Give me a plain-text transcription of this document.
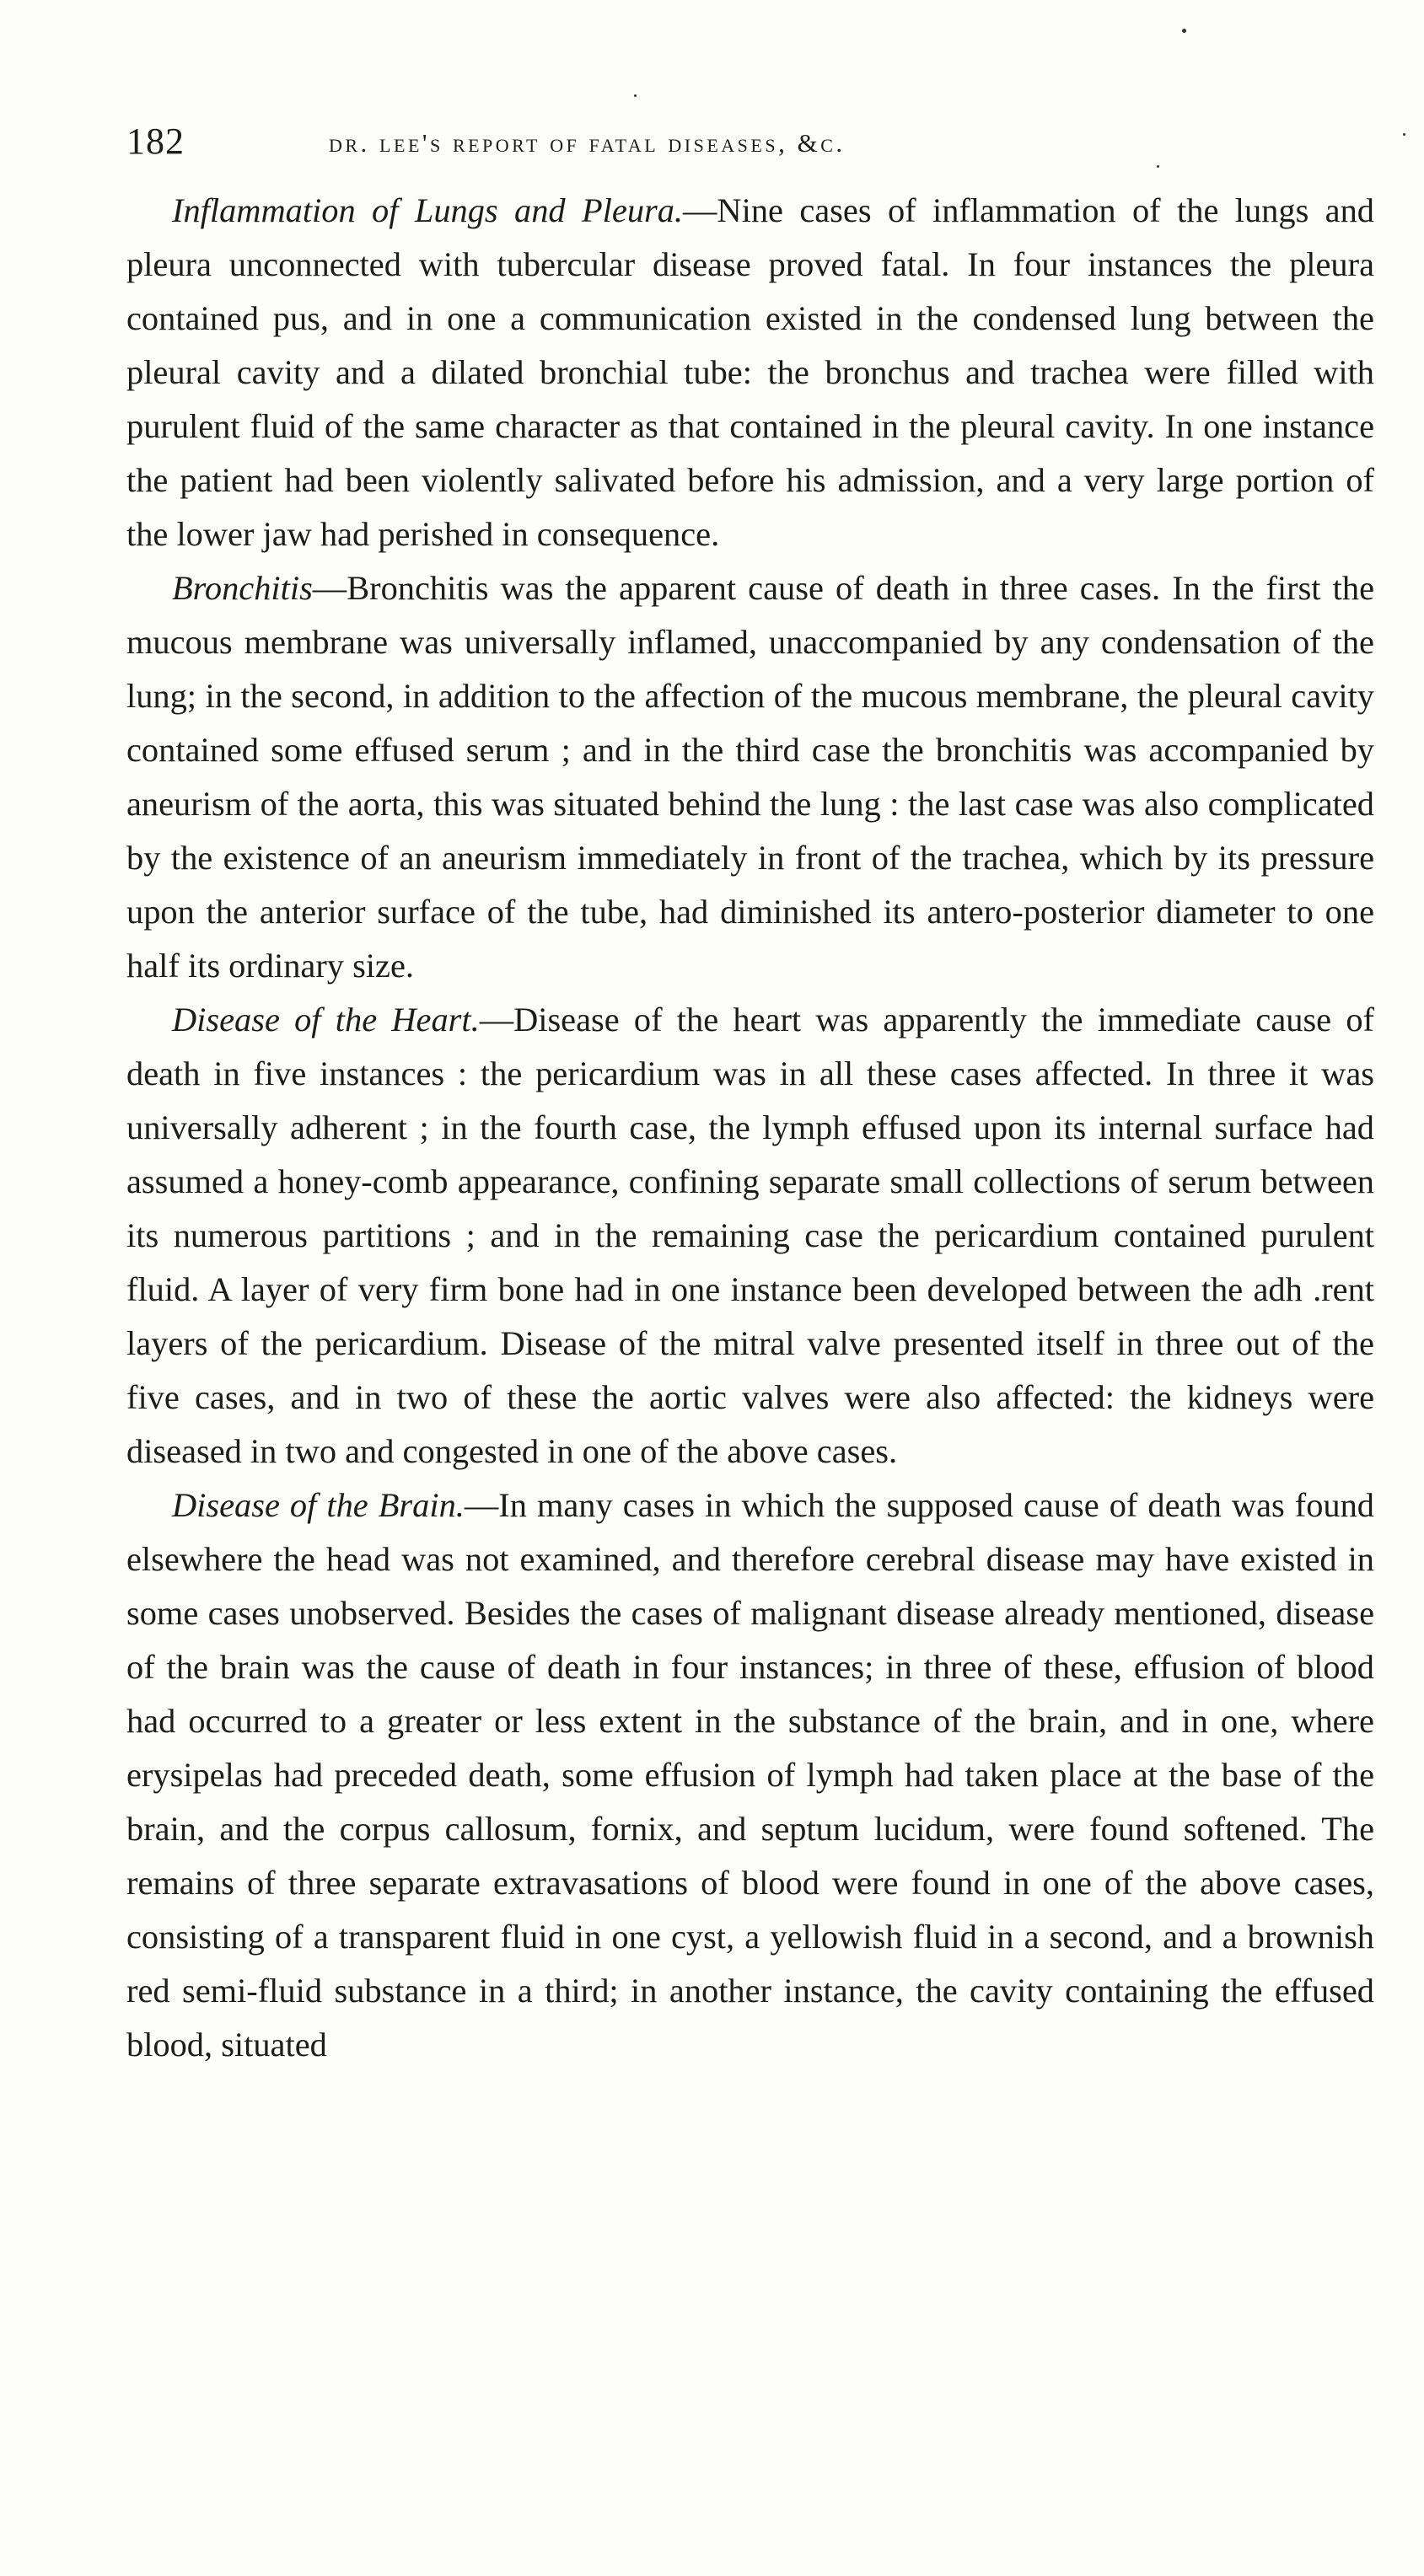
182	dr. lee's report of fatal diseases, &c.

Inflammation of Lungs and Pleura.—Nine cases of inflammation of the lungs and pleura unconnected with tubercular disease proved fatal. In four instances the pleura contained pus, and in one a communication existed in the condensed lung between the pleural cavity and a dilated bronchial tube: the bronchus and trachea were filled with purulent fluid of the same character as that contained in the pleural cavity. In one instance the patient had been violently salivated before his admission, and a very large portion of the lower jaw had perished in consequence.

Bronchitis—Bronchitis was the apparent cause of death in three cases. In the first the mucous membrane was universally inflamed, unaccompanied by any condensation of the lung; in the second, in addition to the affection of the mucous membrane, the pleural cavity contained some effused serum ; and in the third case the bronchitis was accompanied by aneurism of the aorta, this was situated behind the lung : the last case was also complicated by the existence of an aneurism immediately in front of the trachea, which by its pressure upon the anterior surface of the tube, had diminished its antero-posterior diameter to one half its ordinary size.

Disease of the Heart.—Disease of the heart was apparently the immediate cause of death in five instances : the pericardium was in all these cases affected. In three it was universally adherent ; in the fourth case, the lymph effused upon its internal surface had assumed a honey-comb appearance, confining separate small collections of serum between its numerous partitions ; and in the remaining case the pericardium contained purulent fluid. A layer of very firm bone had in one instance been developed between the adh .rent layers of the pericardium. Disease of the mitral valve presented itself in three out of the five cases, and in two of these the aortic valves were also affected: the kidneys were diseased in two and congested in one of the above cases.

Disease of the Brain.—In many cases in which the supposed cause of death was found elsewhere the head was not examined, and therefore cerebral disease may have existed in some cases unobserved. Besides the cases of malignant disease already mentioned, disease of the brain was the cause of death in four instances; in three of these, effusion of blood had occurred to a greater or less extent in the substance of the brain, and in one, where erysipelas had preceded death, some effusion of lymph had taken place at the base of the brain, and the corpus callosum, fornix, and septum lucidum, were found softened. The remains of three separate extravasations of blood were found in one of the above cases, consisting of a transparent fluid in one cyst, a yellowish fluid in a second, and a brownish red semi-fluid substance in a third; in another instance, the cavity containing the effused blood, situated
